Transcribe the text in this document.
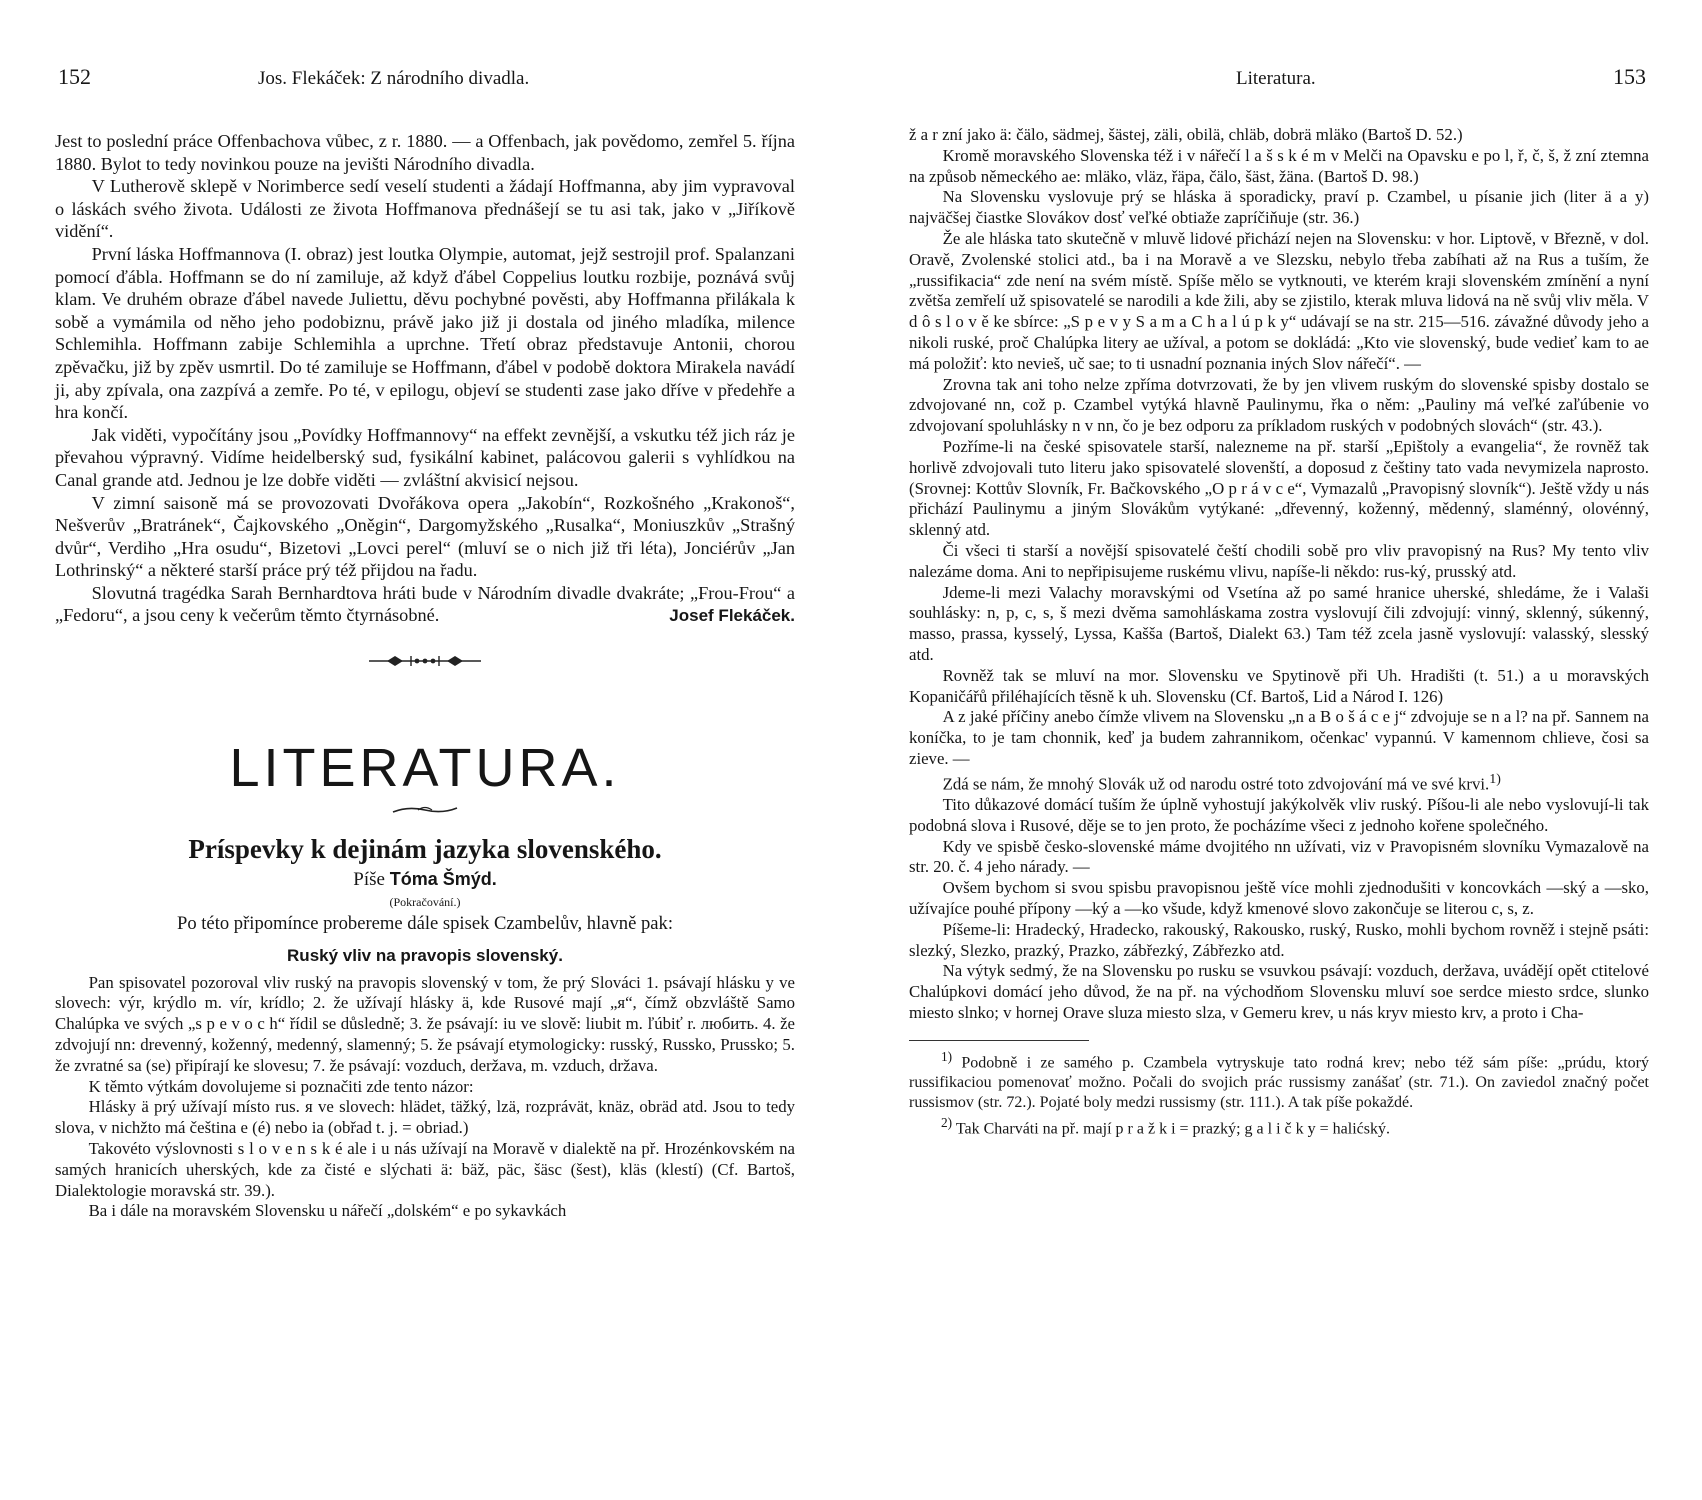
152	Jos. Flekáček: Z národního divadla.

Jest to poslední práce Offenbachova vůbec, z r. 1880. — a Offenbach, jak povědomo, zemřel 5. října 1880. Bylot to tedy novinkou pouze na jevišti Národního divadla.

V Lutherově sklepě v Norimberce sedí veselí studenti a žádají Hoffmanna, aby jim vypravoval o láskách svého života. Události ze života Hoffmanova přednášejí se tu asi tak, jako v „Jiříkově vidění“.

První láska Hoffmannova (I. obraz) jest loutka Olympie, automat, jejž sestrojil prof. Spalanzani pomocí ďábla. Hoffmann se do ní zamiluje, až když ďábel Coppelius loutku rozbije, poznává svůj klam. Ve druhém obraze ďábel navede Juliettu, děvu pochybné pověsti, aby Hoffmanna přilákala k sobě a vymámila od něho jeho podobiznu, právě jako již ji dostala od jiného mladíka, milence Schlemihla. Hoffmann zabije Schlemihla a uprchne. Třetí obraz představuje Antonii, chorou zpěvačku, již by zpěv usmrtil. Do té zamiluje se Hoffmann, ďábel v podobě doktora Mirakela navádí ji, aby zpívala, ona zazpívá a zemře. Po té, v epilogu, objeví se studenti zase jako dříve v předehře a hra končí.

Jak viděti, vypočítány jsou „Povídky Hoffmannovy“ na effekt zevnější, a vskutku též jich ráz je převahou výpravný. Vidíme heidelberský sud, fysikální kabinet, palácovou galerii s vyhlídkou na Canal grande atd. Jednou je lze dobře viděti — zvláštní akvisicí nejsou.

V zimní saisoně má se provozovati Dvořákova opera „Jakobín“, Rozkošného „Krakonoš“, Nešverův „Bratránek“, Čajkovského „Oněgin“, Dargomyžského „Rusalka“, Moniuszkův „Strašný dvůr“, Verdiho „Hra osudu“, Bizetovi „Lovci perel“ (mluví se o nich již tři léta), Jonciérův „Jan Lothrinský“ a některé starší práce prý též přijdou na řadu.

Slovutná tragédka Sarah Bernhardtova hráti bude v Národním divadle dvakráte; „Frou-Frou“ a „Fedoru“, a jsou ceny k večerům těmto čtyrnásobné.	Josef Flekáček.
LITERATURA.
Príspevky k dejinám jazyka slovenského.
Píše Tóma Šmýd.
(Pokračování.)
Po této připomínce probereme dále spisek Czambelův, hlavně pak:
Ruský vliv na pravopis slovenský.

Pan spisovatel pozoroval vliv ruský na pravopis slovenský v tom, že prý Slováci 1. psávají hlásku y ve slovech: výr, krýdlo m. vír, krídlo; 2. že užívají hlásky ä, kde Rusové mají „я“, čímž obzvláště Samo Chalúpka ve svých „s p e v o c h“ řídil se důsledně; 3. že psávají: iu ve slově: liubit m. ľúbiť r. любить. 4. že zdvojují nn: drevenný, koženný, medenný, slamenný; 5. že psávají etymologicky: russký, Russko, Prussko; 5. že zvratné sa (se) připírají ke slovesu; 7. že psávají: vozduch, deržava, m. vzduch, država.

K těmto výtkám dovolujeme si poznačiti zde tento názor:

Hlásky ä prý užívají místo rus. я ve slovech: hlädet, täžký, lzä, rozprávät, knäz, obräd atd. Jsou to tedy slova, v nichžto má čeština e (é) nebo ia (obřad t. j. = obriad.)

Takovéto výslovnosti s l o v e n s k é ale i u nás užívají na Moravě v dialektě na př. Hrozénkovském na samých hranicích uherských, kde za čisté e slýchati ä: bäž, päc, šäsc (šest), kläs (klestí) (Cf. Bartoš, Dialektologie moravská str. 39.).

Ba i dále na moravském Slovensku u nářečí „dolském“ e po sykavkách

Literatura.	153

ž a r zní jako ä: čälo, sädmej, šästej, zäli, obilä, chläb, dobrä mläko (Bartoš D. 52.)

Kromě moravského Slovenska též i v nářečí l a š s k é m v Melči na Opavsku e po l, ř, č, š, ž zní ztemna na způsob německého ae: mläko, vläz, řäpa, čälo, šäst, žäna. (Bartoš D. 98.)

Na Slovensku vyslovuje prý se hláska ä sporadicky, praví p. Czambel, u písanie jich (liter ä a y) najväčšej čiastke Slovákov dosť veľké obtiaže zapríčiňuje (str. 36.)

Že ale hláska tato skutečně v mluvě lidové přichází nejen na Slovensku: v hor. Liptově, v Březně, v dol. Oravě, Zvolenské stolici atd., ba i na Moravě a ve Slezsku, nebylo třeba zabíhati až na Rus a tuším, že „russifikacia“ zde není na svém místě. Spíše mělo se vytknouti, ve kterém kraji slovenském zmínění a nyní zvětša zemřelí už spisovatelé se narodili a kde žili, aby se zjistilo, kterak mluva lidová na ně svůj vliv měla. V d ô s l o v ě ke sbírce: „S p e v y S a m a C h a l ú p k y“ udávají se na str. 215—516. závažné důvody jeho a nikoli ruské, proč Chalúpka litery ae užíval, a potom se dokládá: „Kto vie slovenský, bude vedieť kam to ae má položiť: kto nevieš, uč sae; to ti usnadní poznania iných Slov nářečí“. —

Zrovna tak ani toho nelze zpříma dotvrzovati, že by jen vlivem ruským do slovenské spisby dostalo se zdvojované nn, což p. Czambel vytýká hlavně Paulinymu, řka o něm: „Pauliny má veľké zaľúbenie vo zdvojovaní spoluhlásky n v nn, čo je bez odporu za príkladom ruských v podobných slovách“ (str. 43.).

Pozříme-li na české spisovatele starší, nalezneme na př. starší „Epištoly a evangelia“, že rovněž tak horlivě zdvojovali tuto literu jako spisovatelé slovenští, a doposud z češtiny tato vada nevymizela naprosto. (Srovnej: Kottův Slovník, Fr. Bačkovského „O p r á v c e“, Vymazalů „Pravopisný slovník“). Ještě vždy u nás přichází Paulinymu a jiným Slovákům vytýkané: „dřevenný, koženný, mědenný, slaménný, olovénný, sklenný atd.

Či všeci ti starší a novější spisovatelé čeští chodili sobě pro vliv pravopisný na Rus? My tento vliv nalezáme doma. Ani to nepřipisujeme ruskému vlivu, napíše-li někdo: rus-ký, prusský atd.

Jdeme-li mezi Valachy moravskými od Vsetína až po samé hranice uherské, shledáme, že i Valaši souhlásky: n, p, c, s, š mezi dvěma samohláskama zostra vyslovují čili zdvojují: vinný, sklenný, súkenný, masso, prassa, kysselý, Lyssa, Kašša (Bartoš, Dialekt 63.) Tam též zcela jasně vyslovují: valasský, slesský atd.

Rovněž tak se mluví na mor. Slovensku ve Spytinově při Uh. Hradišti (t. 51.) a u moravských Kopaničářů přiléhajících těsně k uh. Slovensku (Cf. Bartoš, Lid a Národ I. 126)

A z jaké příčiny anebo čímže vlivem na Slovensku „n a B o š á c e j“ zdvojuje se n a l? na př. Sannem na koníčka, to je tam chonnik, keď ja budem zahrannikom, očenkac' vypannú. V kamennom chlieve, čosi sa zieve. —

Zdá se nám, že mnohý Slovák už od narodu ostré toto zdvojování má ve své krvi.$^{1)}$

Tito důkazové domácí tuším že úplně vyhostují jakýkolvěk vliv ruský. Píšou-li ale nebo vyslovují-li tak podobná slova i Rusové, děje se to jen proto, že pocházíme všeci z jednoho kořene společného.

Kdy ve spisbě česko-slovenské máme dvojitého nn užívati, viz v Pravopisném slovníku Vymazalově na str. 20. č. 4 jeho nárady. —

Ovšem bychom si svou spisbu pravopisnou ještě více mohli zjednodušiti v koncovkách —ský a —sko, užívajíce pouhé přípony —ký a —ko všude, když kmenové slovo zakončuje se literou c, s, z.

Píšeme-li: Hradecký, Hradecko, rakouský, Rakousko, ruský, Rusko, mohli bychom rovněž i stejně psáti: slezký, Slezko, prazký, Prazko, zábřezký, Zábřezko atd.

Na výtyk sedmý, že na Slovensku po rusku se vsuvkou psávají: vozduch, deržava, uvádějí opět ctitelové Chalúpkovi domácí jeho důvod, že na př. na východňom Slovensku mluví soe serdce miesto srdce, slunko miesto slnko; v hornej Orave sluza miesto slza, v Gemeru krev, u nás krуv miesto krv, a proto i Cha-

$^{1)}$ Podobně i ze samého p. Czambela vytryskuje tato rodná krev; nebo též sám píše: „prúdu, ktorý russifikaciou pomenovať možno. Počali do svojich prác russismy zanášať (str. 71.). On zaviedol značný počet russismov (str. 72.). Pojaté boly medzi russismy (str. 111.). A tak píše pokaždé.

$^{2)}$ Tak Charváti na př. mají p r a ž k i = prazký; g a l i č k y = halićský.
